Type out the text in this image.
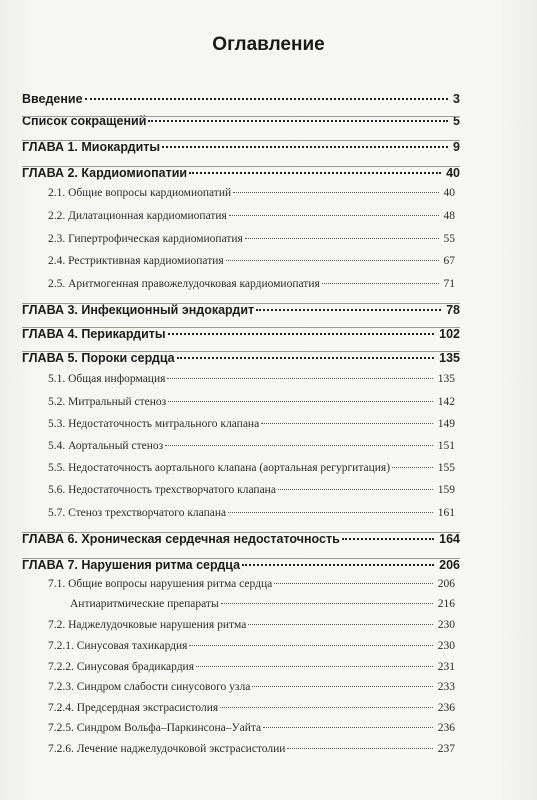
Оглавление
Введение	3
Список сокращений	5
ГЛАВА 1. Миокардиты	9
ГЛАВА 2. Кардиомиопатии	40
2.1. Общие вопросы кардиомиопатий	40
2.2. Дилатационная кардиомиопатия	48
2.3. Гипертрофическая кардиомиопатия	55
2.4. Рестриктивная кардиомиопатия	67
2.5. Аритмогенная правожелудочковая кардиомиопатия	71
ГЛАВА 3. Инфекционный эндокардит	78
ГЛАВА 4. Перикардиты	102
ГЛАВА 5. Пороки сердца	135
5.1. Общая информация	135
5.2. Митральный стеноз	142
5.3. Недостаточность митрального клапана	149
5.4. Аортальный стеноз	151
5.5. Недостаточность аортального клапана (аортальная регургитация)	155
5.6. Недостаточность трехстворчатого клапана	159
5.7. Стеноз трехстворчатого клапана	161
ГЛАВА 6. Хроническая сердечная недостаточность	164
ГЛАВА 7. Нарушения ритма сердца	206
7.1. Общие вопросы нарушения ритма сердца	206
Антиаритмические препараты	216
7.2. Наджелудочковые нарушения ритма	230
7.2.1. Синусовая тахикардия	230
7.2.2. Синусовая брадикардия	231
7.2.3. Синдром слабости синусового узла	233
7.2.4. Предсердная экстрасистолия	236
7.2.5. Синдром Вольфа–Паркинсона–Уайта	236
7.2.6. Лечение наджелудочковой экстрасистолии	237
